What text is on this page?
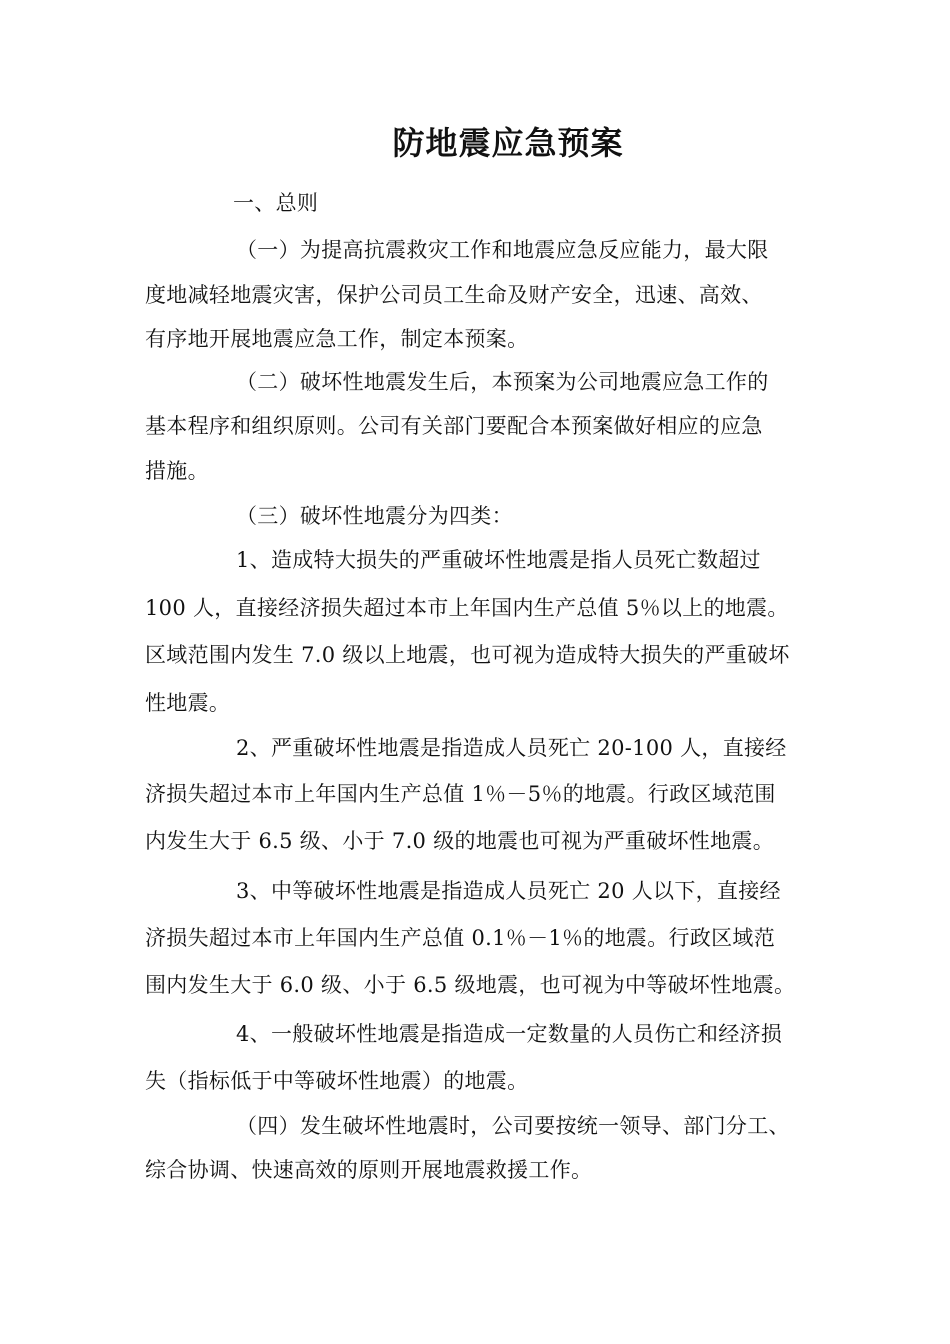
防地震应急预案
一、总则
（一）为提高抗震救灾工作和地震应急反应能力，最大限
度地减轻地震灾害，保护公司员工生命及财产安全，迅速、高效、
有序地开展地震应急工作，制定本预案。
（二）破坏性地震发生后，本预案为公司地震应急工作的
基本程序和组织原则。公司有关部门要配合本预案做好相应的应急
措施。
（三）破坏性地震分为四类：
1、造成特大损失的严重破坏性地震是指人员死亡数超过
100 人，直接经济损失超过本市上年国内生产总值 5％以上的地震。
区域范围内发生 7.0 级以上地震，也可视为造成特大损失的严重破坏
性地震。
2、严重破坏性地震是指造成人员死亡 20-100 人，直接经
济损失超过本市上年国内生产总值 1％－5％的地震。行政区域范围
内发生大于 6.5 级、小于 7.0 级的地震也可视为严重破坏性地震。
3、中等破坏性地震是指造成人员死亡 20 人以下，直接经
济损失超过本市上年国内生产总值 0.1％－1％的地震。行政区域范
围内发生大于 6.0 级、小于 6.5 级地震，也可视为中等破坏性地震。
4、一般破坏性地震是指造成一定数量的人员伤亡和经济损
失（指标低于中等破坏性地震）的地震。
（四）发生破坏性地震时，公司要按统一领导、部门分工、
综合协调、快速高效的原则开展地震救援工作。
